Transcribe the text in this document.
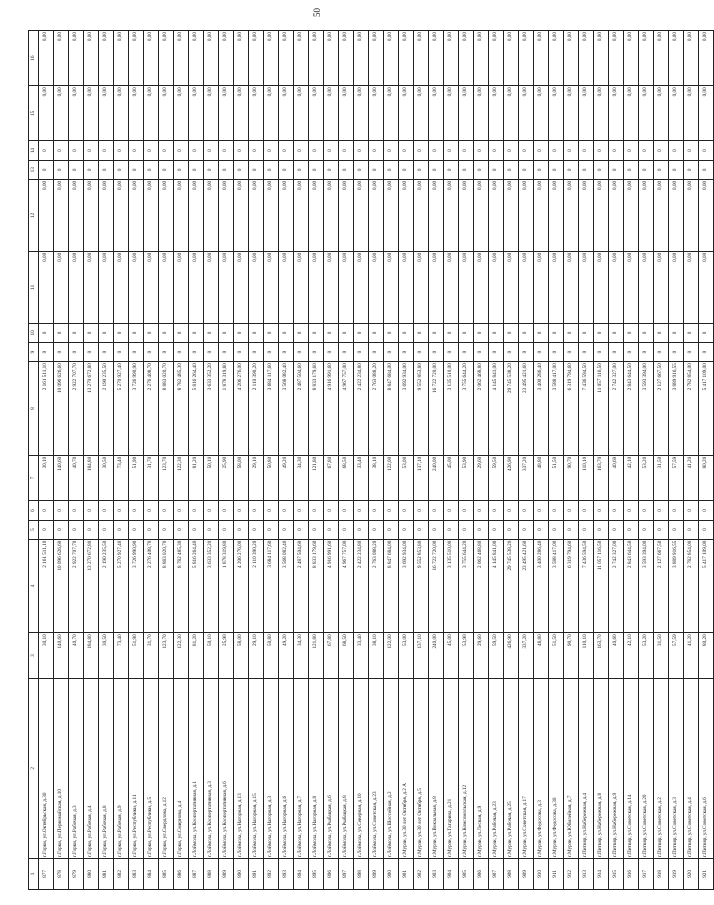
50
1	2	3	4	5	6	7	8	9	10	11	12	13	14	15	16
877	г.Горки, ул.Октябрьская, д.30	30,10	2 161 511,10	0	0	30,10	2 161 511,10	0	0	0,00	0,00	0	0	0,00	0,00
878	г.Горки, ул.Первомайская, д.10	140,60	10 096 626,60	0	0	140,60	10 096 626,60	0	0	0,00	0,00	0	0	0,00	0,00
879	г.Горки, ул.Рабочая, д.3	40,70	2 922 707,70	0	0	40,70	2 922 707,70	0	0	0,00	0,00	0	0	0,00	0,00
880	г.Горки, ул.Рабочая, д.4	184,80	13 270 672,80	0	0	184,80	13 270 672,80	0	0	0,00	0,00	0	0	0,00	0,00
881	г.Горки, ул.Рабочая, д.8	30,50	2 190 235,50	0	0	30,50	2 190 235,50	0	0	0,00	0,00	0	0	0,00	0,00
882	г.Горки, ул.Рабочая, д.9	73,40	5 270 927,40	0	0	73,40	5 270 927,40	0	0	0,00	0,00	0	0	0,00	0,00
883	г.Горки, ул.Республики, д.11	51,90	3 726 990,90	0	0	51,90	3 726 990,90	0	0	0,00	0,00	0	0	0,00	0,00
884	г.Горки, ул.Республики, д.5	31,70	2 276 408,70	0	0	31,70	2 276 408,70	0	0	0,00	0,00	0	0	0,00	0,00
885	г.Горки, ул.Свердлова, д.12	123,70	8 883 020,70	0	0	123,70	8 883 020,70	0	0	0,00	0,00	0	0	0,00	0,00
886	г.Горки, ул.Смирнова, д.4	122,30	8 782 485,30	0	0	122,30	8 782 485,30	0	0	0,00	0,00	0	0	0,00	0,00
887	г.Лоймола, ул.Коопертативная, д.1	81,20	5 816 264,40	0	0	81,20	5 816 264,40	0	0	0,00	0,00	0	0	0,00	0,00
888	г.Лоймола, ул.Коопертативная, д.3	50,10	3 633 352,20	0	0	50,10	3 633 352,20	0	0	0,00	0,00	0	0	0,00	0,00
889	г.Лоймола, ул.Коопертативная, д.6	25,90	1 878 319,80	0	0	25,90	1 878 319,80	0	0	0,00	0,00	0	0	0,00	0,00
890	г.Лоймола, ул.Нагорная, д.13	58,00	4 206 276,00	0	0	58,00	4 206 276,00	0	0	0,00	0,00	0	0	0,00	0,00
891	г.Лоймола, ул.Нагорная, д.15	29,10	2 110 390,20	0	0	29,10	2 110 390,20	0	0	0,00	0,00	0	0	0,00	0,00
892	г.Лоймола, ул.Нагорная, д.3	50,80	3 684 117,60	0	0	50,80	3 684 117,60	0	0	0,00	0,00	0	0	0,00	0,00
893	г.Лоймола, ул.Нагорная, д.6	49,20	3 568 082,40	0	0	49,20	3 568 082,40	0	0	0,00	0,00	0	0	0,00	0,00
894	г.Лоймола, ул.Нагорная, д.7	34,30	2 487 504,60	0	0	34,30	2 487 504,60	0	0	0,00	0,00	0	0	0,00	0,00
895	г.Лоймола, ул.Нагорная, д.8	121,80	8 833 179,60	0	0	121,80	8 833 179,60	0	0	0,00	0,00	0	0	0,00	0,00
896	г.Лоймола, ул.Рыбацкая, д.6	67,80	4 916 991,60	0	0	67,80	4 916 991,60	0	0	0,00	0,00	0	0	0,00	0,00
897	г.Лоймола, ул.Рыбацкая, д.8	68,50	4 967 757,00	0	0	68,50	4 967 757,00	0	0	0,00	0,00	0	0	0,00	0,00
898	г.Лоймола, ул.Северная, д.10	33,40	2 422 234,80	0	0	33,40	2 422 234,80	0	0	0,00	0,00	0	0	0,00	0,00
899	г.Лоймола, ул.Советская, д.23	38,10	2 763 088,20	0	0	38,10	2 763 088,20	0	0	0,00	0,00	0	0	0,00	0,00
900	г.Лоймола, ул.Шоссейная, д.2	122,00	8 847 684,00	0	0	122,00	8 847 684,00	0	0	0,00	0,00	0	0	0,00	0,00
901	г.Мурзи, ул.30 лет Октября, д.2 А	53,00	3 692 934,00	0	0	53,00	3 692 934,00	0	0	0,00	0,00	0	0	0,00	0,00
902	г.Мурзи, ул.30 лет Октября, д.5	137,10	9 552 853,80	0	0	137,10	9 552 853,80	0	0	0,00	0,00	0	0	0,00	0,00
903	г.Мурзи, ул.Вокзальная, д.8	240,00	16 722 720,00	0	0	240,00	16 722 720,00	0	0	0,00	0,00	0	0	0,00	0,00
904	г.Мурзи, ул.Гагарина, д.21	45,00	3 135 510,00	0	0	45,00	3 135 510,00	0	0	0,00	0,00	0	0	0,00	0,00
905	г.Мурзи, ул.Комсомольская, д.12	53,90	3 755 644,20	0	0	53,90	3 755 644,20	0	0	0,00	0,00	0	0	0,00	0,00
906	г.Мурзи, ул.Лесная, д.9	29,60	2 062 468,80	0	0	29,60	2 062 468,80	0	0	0,00	0,00	0	0	0,00	0,00
907	г.Мурзи, ул.Рабочая, д.23	59,50	4 145 841,00	0	0	59,50	4 145 841,00	0	0	0,00	0,00	0	0	0,00	0,00
908	г.Мурзи, ул.Рабочая, д.25	426,90	29 745 538,20	0	0	426,90	29 745 538,20	0	0	0,00	0,00	0	0	0,00	0,00
909	г.Мурзи, ул.Советская, д.17	337,20	23 495 421,60	0	0	337,20	23 495 421,60	0	0	0,00	0,00	0	0	0,00	0,00
910	г.Мурзи, ул.Федосова, д.3	48,80	3 400 286,40	0	0	48,80	3 400 286,40	0	0	0,00	0,00	0	0	0,00	0,00
911	г.Мурзи, ул.Федосова, д.30	51,50	3 588 417,00	0	0	51,50	3 588 417,00	0	0	0,00	0,00	0	0	0,00	0,00
912	г.Мурзи, ул.Юбилейная, д.7	90,70	6 319 794,60	0	0	90,70	6 319 794,60	0	0	0,00	0,00	0	0	0,00	0,00
913	г.Питкяр, ул.Набережная, д.4	110,10	7 436 594,50	0	0	110,10	7 436 594,50	0	0	0,00	0,00	0	0	0,00	0,00
914	г.Питкяр, ул.Набережная, д.8	163,70	11 057 116,50	0	0	163,70	11 057 116,50	0	0	0,00	0,00	0	0	0,00	0,00
915	г.Питкяр, ул.Набережная, д.9	40,60	2 742 327,00	0	0	40,60	2 742 327,00	0	0	0,00	0,00	0	0	0,00	0,00
916	г.Питкяр, ул.Советская, д.14	42,10	2 843 644,50	0	0	42,10	2 843 644,50	0	0	0,00	0,00	0	0	0,00	0,00
917	г.Питкяр, ул.Советская, д.20	53,20	3 593 394,00	0	0	53,20	3 593 394,00	0	0	0,00	0,00	0	0	0,00	0,00
918	г.Питкяр, ул.Советская, д.2	31,50	2 127 667,50	0	0	31,50	2 127 667,50	0	0	0,00	0,00	0	0	0,00	0,00
919	г.Питкяр, ул.Советская, д.3	57,59	3 889 916,55	0	0	57,59	3 889 916,55	0	0	0,00	0,00	0	0	0,00	0,00
920	г.Питкяр, ул.Советская, д.4	41,20	2 782 854,00	0	0	41,20	2 782 854,00	0	0	0,00	0,00	0	0	0,00	0,00
921	г.Питкяр, ул.Советская, д.6	80,20	5 417 109,00	0	0	80,20	5 417 109,00	0	0	0,00	0,00	0	0	0,00	0,00
